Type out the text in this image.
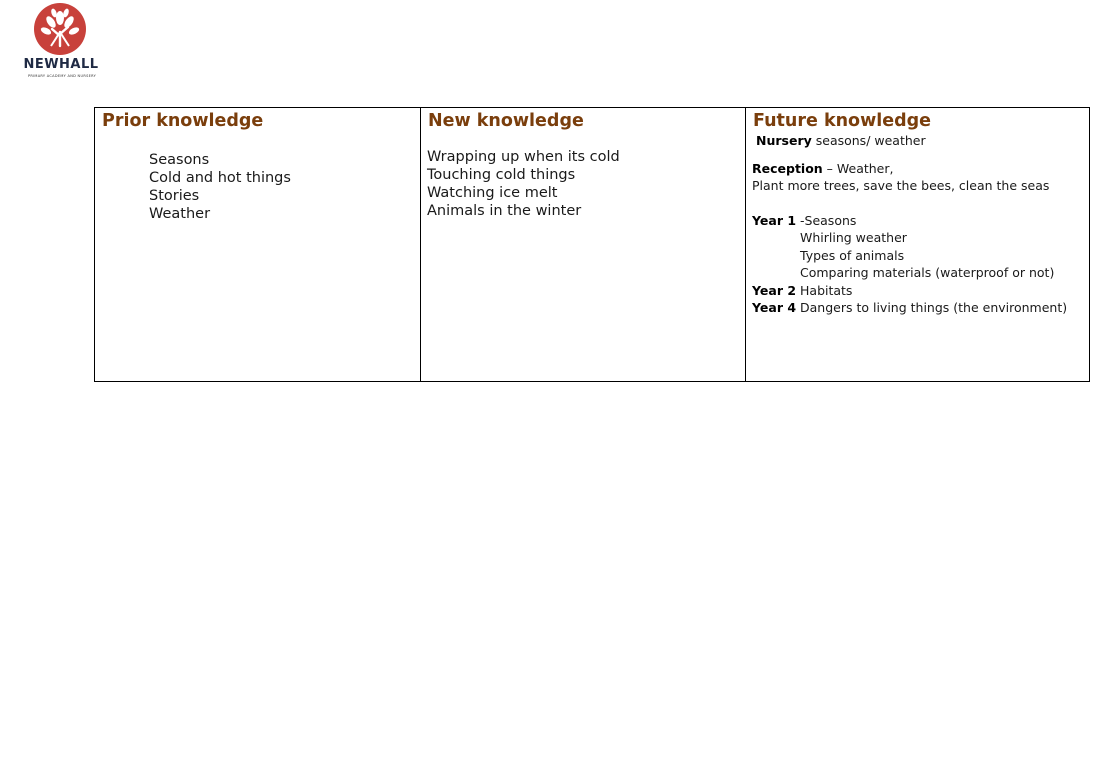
NEWHALL
PRIMARY ACADEMY AND NURSERY
Prior knowledge
Seasons
Cold and hot things
Stories
Weather

New knowledge
Wrapping up when its cold
Touching cold things
Watching ice melt
Animals in the winter

Future knowledge
Nursery seasons/ weather
Reception – Weather,
Plant more trees, save the bees, clean the seas
Year 1 -Seasons
Whirling weather
Types of animals
Comparing materials (waterproof or not)
Year 2 Habitats
Year 4 Dangers to living things (the environment)
